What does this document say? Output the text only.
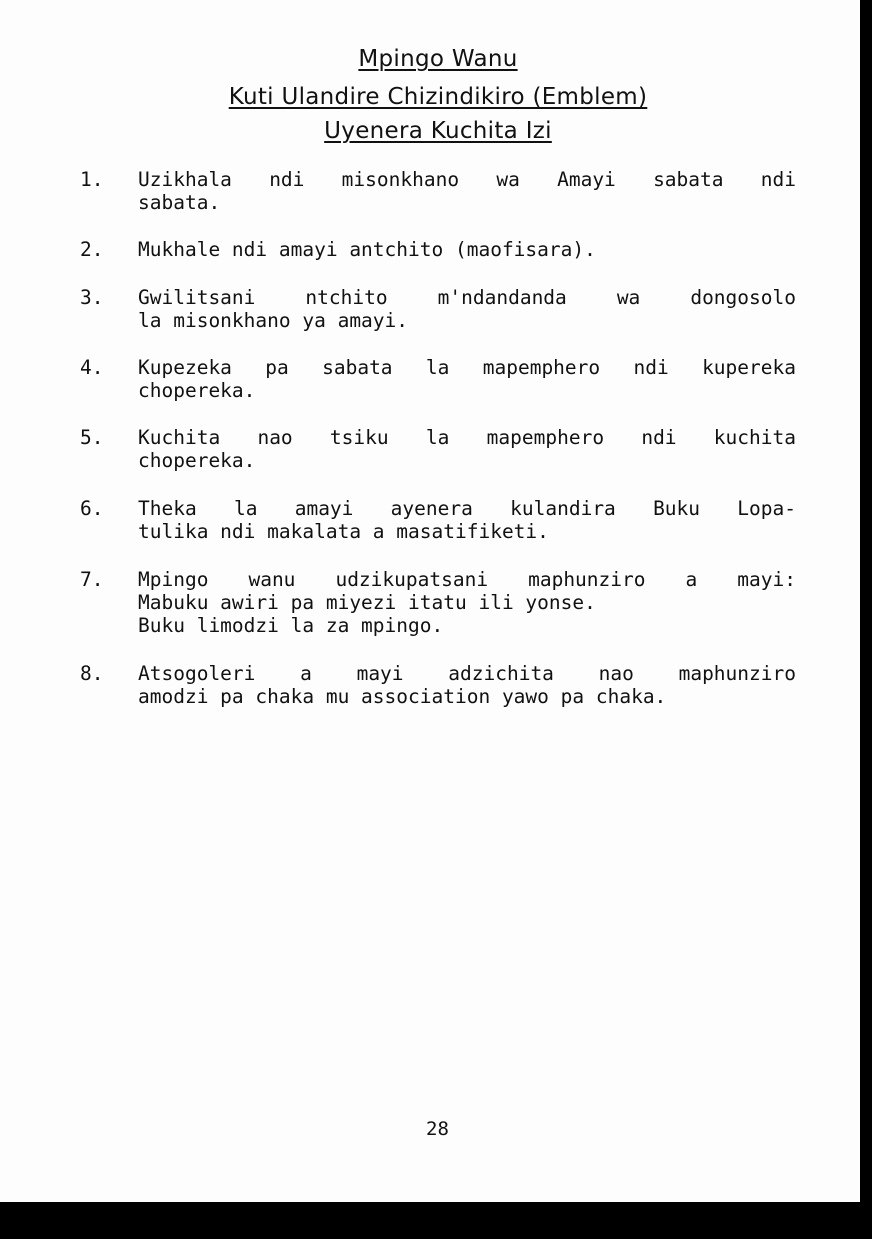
Mpingo Wanu
Kuti Ulandire Chizindikiro (Emblem)
Uyenera Kuchita Izi
1. Uzikhala ndi misonkhano wa Amayi sabata ndi
sabata.
2. Mukhale ndi amayi antchito (maofisara).
3. Gwilitsani ntchito m'ndandanda wa dongosolo
la misonkhano ya amayi.
4. Kupezeka pa sabata la mapemphero ndi kupereka
chopereka.
5. Kuchita nao tsiku la mapemphero ndi kuchita
chopereka.
6. Theka la amayi ayenera kulandira Buku Lopa-
tulika ndi makalata a masatifiketi.
7. Mpingo wanu udzikupatsani maphunziro a mayi:
Mabuku awiri pa miyezi itatu ili yonse.
Buku limodzi la za mpingo.
8. Atsogoleri a mayi adzichita nao maphunziro
amodzi pa chaka mu association yawo pa chaka.
28
